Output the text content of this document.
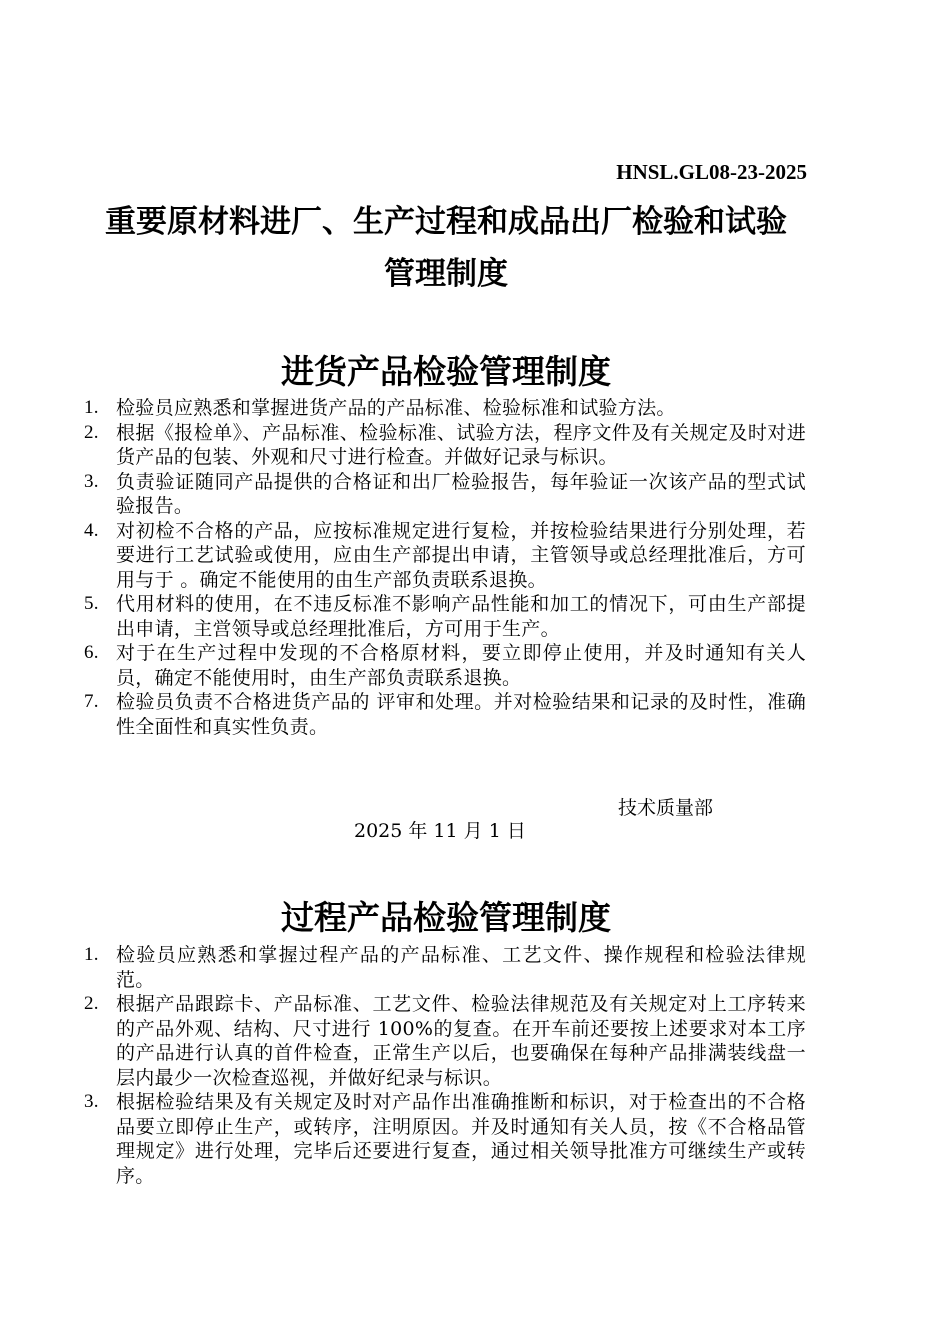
HNSL.GL08-23-2025
重要原材料进厂、生产过程和成品出厂检验和试验管理制度
进货产品检验管理制度
1. 检验员应熟悉和掌握进货产品的产品标准、检验标准和试验方法。
2. 根据《报检单》、产品标准、检验标准、试验方法，程序文件及有关规定及时对进货产品的包装、外观和尺寸进行检查。并做好记录与标识。
3. 负责验证随同产品提供的合格证和出厂检验报告，每年验证一次该产品的型式试验报告。
4. 对初检不合格的产品，应按标准规定进行复检，并按检验结果进行分别处理，若要进行工艺试验或使用，应由生产部提出申请，主管领导或总经理批准后，方可用与于 。确定不能使用的由生产部负责联系退换。
5. 代用材料的使用，在不违反标准不影响产品性能和加工的情况下，可由生产部提出申请，主営领导或总经理批准后，方可用于生产。
6. 对于在生产过程中发现的不合格原材料，要立即停止使用，并及时通知有关人员，确定不能使用时，由生产部负责联系退换。
7. 检验员负责不合格进货产品的 评审和处理。并对检验结果和记录的及时性，准确性全面性和真实性负责。
技术质量部
2025 年 11 月 1 日
过程产品检验管理制度
1. 检验员应熟悉和掌握过程产品的产品标准、工艺文件、操作规程和检验法律规范。
2. 根据产品跟踪卡、产品标准、工艺文件、检验法律规范及有关规定对上工序转来的产品外观、结构、尺寸进行 100%的复查。在开车前还要按上述要求对本工序的产品进行认真的首件检查，正常生产以后，也要确保在每种产品排满装线盘一层内最少一次检查巡视，并做好纪录与标识。
3. 根据检验结果及有关规定及时对产品作出准确推断和标识，对于检查出的不合格品要立即停止生产，或转序，注明原因。并及时通知有关人员，按《不合格品管理规定》进行处理，完毕后还要进行复查，通过相关领导批准方可继续生产或转序。
